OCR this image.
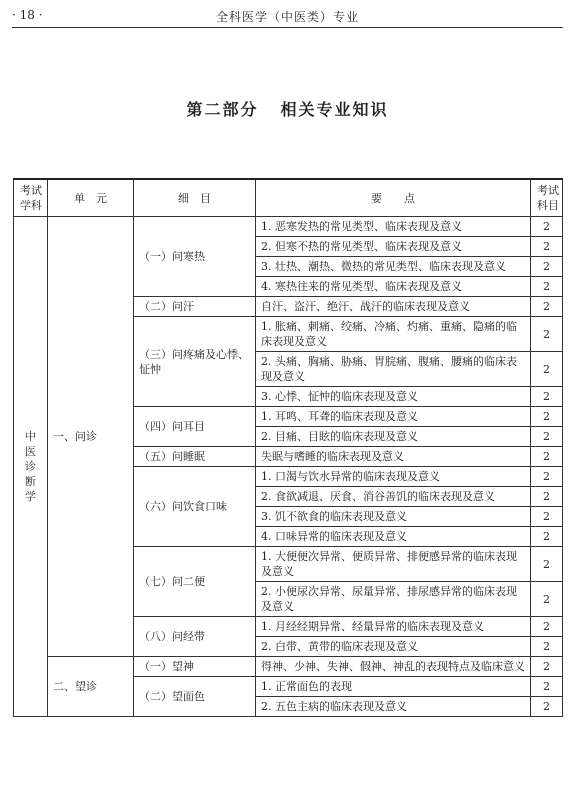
· 18 ·	全科医学（中医类）专业
第二部分 相关专业知识
考试学科	单　元	细　目	要　　点	考试科目
中医诊断学	一、问诊	（一）问寒热	1. 恶寒发热的常见类型、临床表现及意义	2
			2. 但寒不热的常见类型、临床表现及意义	2
			3. 壮热、潮热、微热的常见类型、临床表现及意义	2
			4. 寒热往来的常见类型、临床表现及意义	2
		（二）问汗	自汗、盗汗、绝汗、战汗的临床表现及意义	2
		（三）问疼痛及心悸、怔忡	1. 胀痛、刺痛、绞痛、冷痛、灼痛、重痛、隐痛的临床表现及意义	2
			2. 头痛、胸痛、胁痛、胃脘痛、腹痛、腰痛的临床表现及意义	2
			3. 心悸、怔忡的临床表现及意义	2
		（四）问耳目	1. 耳鸣、耳聋的临床表现及意义	2
			2. 目痛、目眩的临床表现及意义	2
		（五）问睡眠	失眠与嗜睡的临床表现及意义	2
		（六）问饮食口味	1. 口渴与饮水异常的临床表现及意义	2
			2. 食欲减退、厌食、消谷善饥的临床表现及意义	2
			3. 饥不欲食的临床表现及意义	2
			4. 口味异常的临床表现及意义	2
		（七）问二便	1. 大便便次异常、便质异常、排便感异常的临床表现及意义	2
			2. 小便尿次异常、尿量异常、排尿感异常的临床表现及意义	2
		（八）问经带	1. 月经经期异常、经量异常的临床表现及意义	2
			2. 白带、黄带的临床表现及意义	2
	二、望诊	（一）望神	得神、少神、失神、假神、神乱的表现特点及临床意义	2
		（二）望面色	1. 正常面色的表现	2
			2. 五色主病的临床表现及意义	2
